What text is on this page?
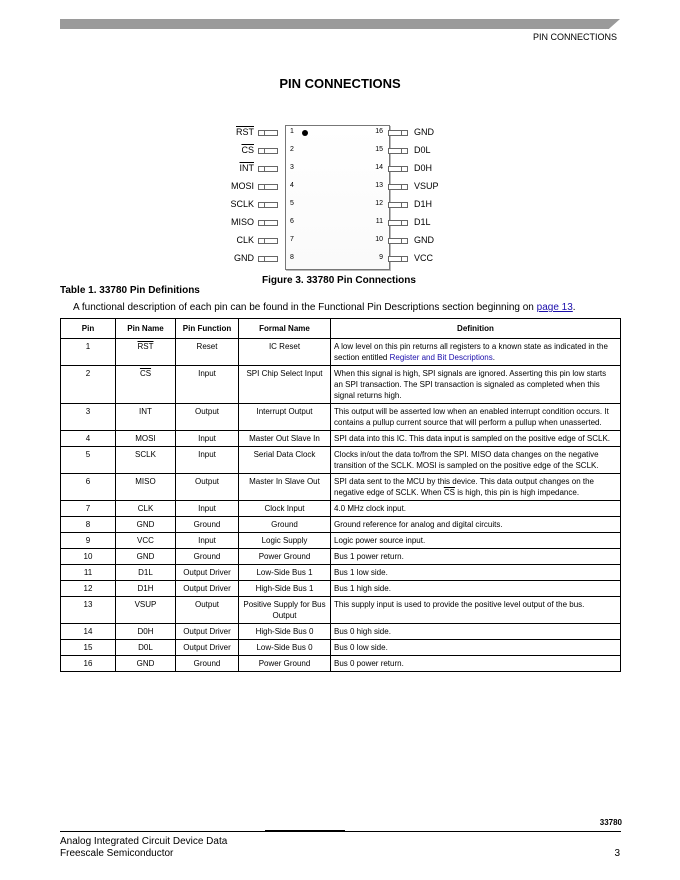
PIN CONNECTIONS
PIN CONNECTIONS
$\overline{RST}$	1
$\overline{CS}$	2
$\overline{INT}$	3
MOSI	4
SCLK	5
MISO	6
CLK	7
GND	8
16	GND
15	D0L
14	D0H
13	VSUP
12	D1H
11	D1L
10	GND
9	VCC
Figure 3. 33780 Pin Connections
Table 1. 33780 Pin Definitions
A functional description of each pin can be found in the Functional Pin Descriptions section beginning on page 13.
Pin	Pin Name	Pin Function	Formal Name	Definition
1	$\overline{RST}$	Reset	IC Reset	A low level on this pin returns all registers to a known state as indicated in the section entitled Register and Bit Descriptions.
2	$\overline{CS}$	Input	SPI Chip Select Input	When this signal is high, SPI signals are ignored. Asserting this pin low starts an SPI transaction. The SPI transaction is signaled as completed when this signal returns high.
3	INT	Output	Interrupt Output	This output will be asserted low when an enabled interrupt condition occurs. It contains a pullup current source that will perform a pullup when unasserted.
4	MOSI	Input	Master Out Slave In	SPI data into this IC. This data input is sampled on the positive edge of SCLK.
5	SCLK	Input	Serial Data Clock	Clocks in/out the data to/from the SPI. MISO data changes on the negative transition of the SCLK. MOSI is sampled on the positive edge of the SCLK.
6	MISO	Output	Master In Slave Out	SPI data sent to the MCU by this device. This data output changes on the negative edge of SCLK. When $\overline{CS}$ is high, this pin is high impedance.
7	CLK	Input	Clock Input	4.0 MHz clock input.
8	GND	Ground	Ground	Ground reference for analog and digital circuits.
9	VCC	Input	Logic Supply	Logic power source input.
10	GND	Ground	Power Ground	Bus 1 power return.
11	D1L	Output Driver	Low-Side Bus 1	Bus 1 low side.
12	D1H	Output Driver	High-Side Bus 1	Bus 1 high side.
13	VSUP	Output	Positive Supply for Bus Output	This supply input is used to provide the positive level output of the bus.
14	D0H	Output Driver	High-Side Bus 0	Bus 0 high side.
15	D0L	Output Driver	Low-Side Bus 0	Bus 0 low side.
16	GND	Ground	Power Ground	Bus 0 power return.
33780
Analog Integrated Circuit Device Data
Freescale Semiconductor	3
